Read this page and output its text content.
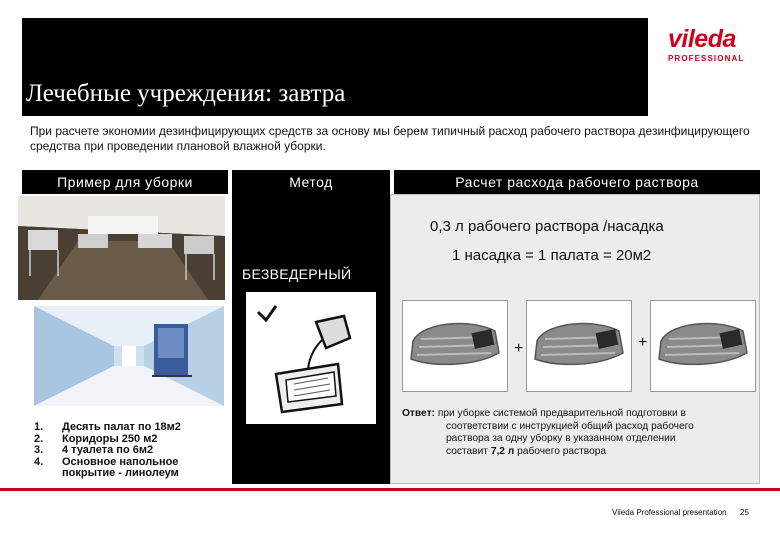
Лечебные учреждения: завтра
vileda
PROFESSIONAL
При расчете экономии дезинфицирующих средств за основу мы берем типичный расход рабочего раствора дезинфицирующего средства при проведении плановой влажной уборки.
Пример для уборки	Метод	Расчет расхода рабочего раствора
БЕЗВЕДЕРНЫЙ
0,3 л рабочего раствора /насадка
1 насадка = 1 палата = 20м2
+	+
Ответ: при уборке системой предварительной подготовки в
соответствии с инструкцией общий расход рабочего
раствора за одну уборку в указанном отделении
составит 7,2 л рабочего раствора
1.	Десять палат по 18м2
2.	Коридоры 250 м2
3.	4 туалета по 6м2
4.	Основное напольное
покрытие - линолеум
Vileda Professional presentation 25
